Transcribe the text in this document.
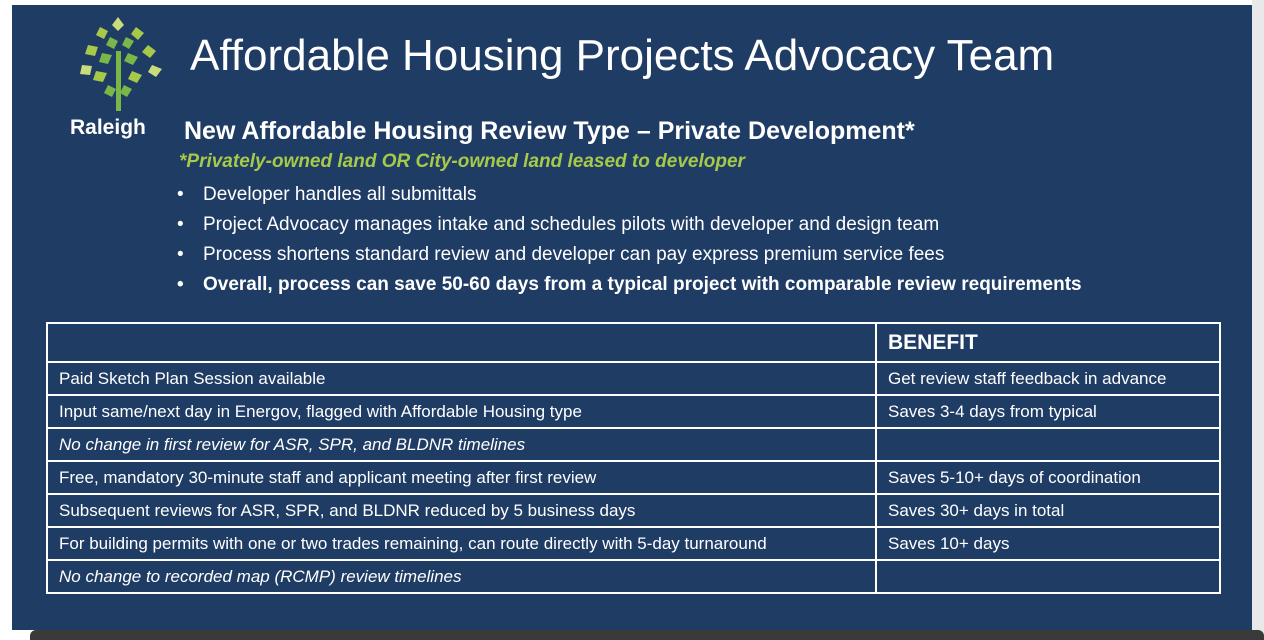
Raleigh
Affordable Housing Projects Advocacy Team
New Affordable Housing Review Type – Private Development*
*Privately-owned land OR City-owned land leased to developer
• Developer handles all submittals
• Project Advocacy manages intake and schedules pilots with developer and design team
• Process shortens standard review and developer can pay express premium service fees
• Overall, process can save 50-60 days from a typical project with comparable review requirements
	BENEFIT
Paid Sketch Plan Session available	Get review staff feedback in advance
Input same/next day in Energov, flagged with Affordable Housing type	Saves 3-4 days from typical
No change in first review for ASR, SPR, and BLDNR timelines	
Free, mandatory 30-minute staff and applicant meeting after first review	Saves 5-10+ days of coordination
Subsequent reviews for ASR, SPR, and BLDNR reduced by 5 business days	Saves 30+ days in total
For building permits with one or two trades remaining, can route directly with 5-day turnaround	Saves 10+ days
No change to recorded map (RCMP) review timelines	
